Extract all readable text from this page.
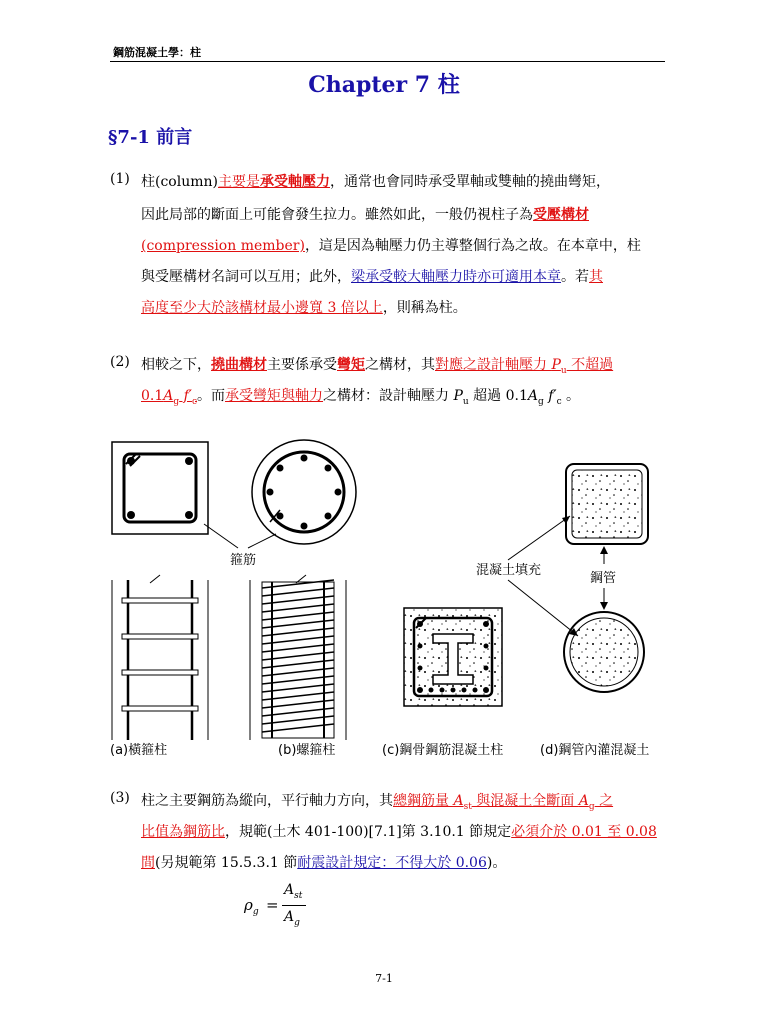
鋼筋混凝土學：柱
Chapter 7 柱
§7-1 前言
(1) 柱(column)主要是承受軸壓力，通常也會同時承受單軸或雙軸的撓曲彎矩，
因此局部的斷面上可能會發生拉力。雖然如此，一般仍視柱子為受壓構材
(compression member)，這是因為軸壓力仍主導整個行為之故。在本章中，柱
與受壓構材名詞可以互用；此外，梁承受較大軸壓力時亦可適用本章。若其
高度至少大於該構材最小邊寬 3 倍以上，則稱為柱。
(2) 相較之下，撓曲構材主要係承受彎矩之構材，其對應之設計軸壓力 $P_u$ 不超過
$0.1A_g$ $f'_c$。而承受彎矩與軸力之構材：設計軸壓力 $P_u$ 超過 $0.1A_g$ $f'_c$ 。
箍筋
混凝土填充
鋼管
(a)橫箍柱	(b)螺箍柱	(c)鋼骨鋼筋混凝土柱	(d)鋼管內灌混凝土
(3) 柱之主要鋼筋為縱向，平行軸力方向，其總鋼筋量 $A_{st}$ 與混凝土全斷面 $A_g$ 之
比值為鋼筋比，規範(土木 401-100)[7.1]第 3.10.1 節規定必須介於 0.01 至 0.08
間(另規範第 15.5.3.1 節耐震設計規定：不得大於 0.06)。
$\rho_g$ =
$A_{st}$
$A_g$
7-1
